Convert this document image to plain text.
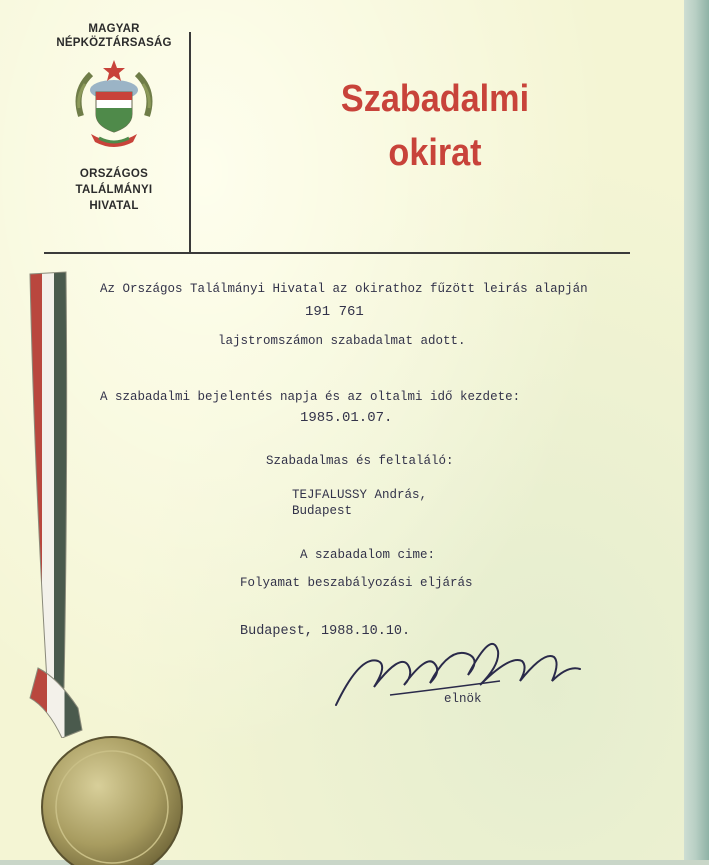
MAGYAR
NÉPKÖZTÁRSASÁG
ORSZÁGOS
TALÁLMÁNYI
HIVATAL
Szabadalmi
okirat
Az Országos Találmányi Hivatal az okirathoz fűzött leirás alapján
191 761
lajstromszámon szabadalmat adott.
A szabadalmi bejelentés napja és az oltalmi idő kezdete:
1985.01.07.
Szabadalmas és feltaláló:
TEJFALUSSY András,
Budapest
A szabadalom cime:
Folyamat beszabályozási eljárás
Budapest, 1988.10.10.
elnök
